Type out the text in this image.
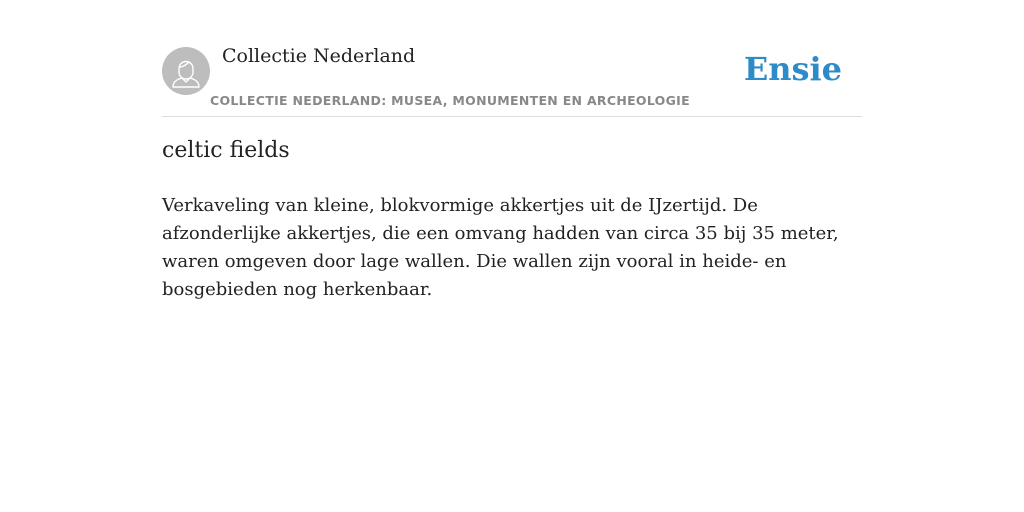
Collectie Nederland
COLLECTIE NEDERLAND: MUSEA, MONUMENTEN EN ARCHEOLOGIE
Ensie
celtic fields

Verkaveling van kleine, blokvormige akkertjes uit de IJzertijd. De afzonderlijke akkertjes, die een omvang hadden van circa 35 bij 35 meter, waren omgeven door lage wallen. Die wallen zijn vooral in heide- en bosgebieden nog herkenbaar.
